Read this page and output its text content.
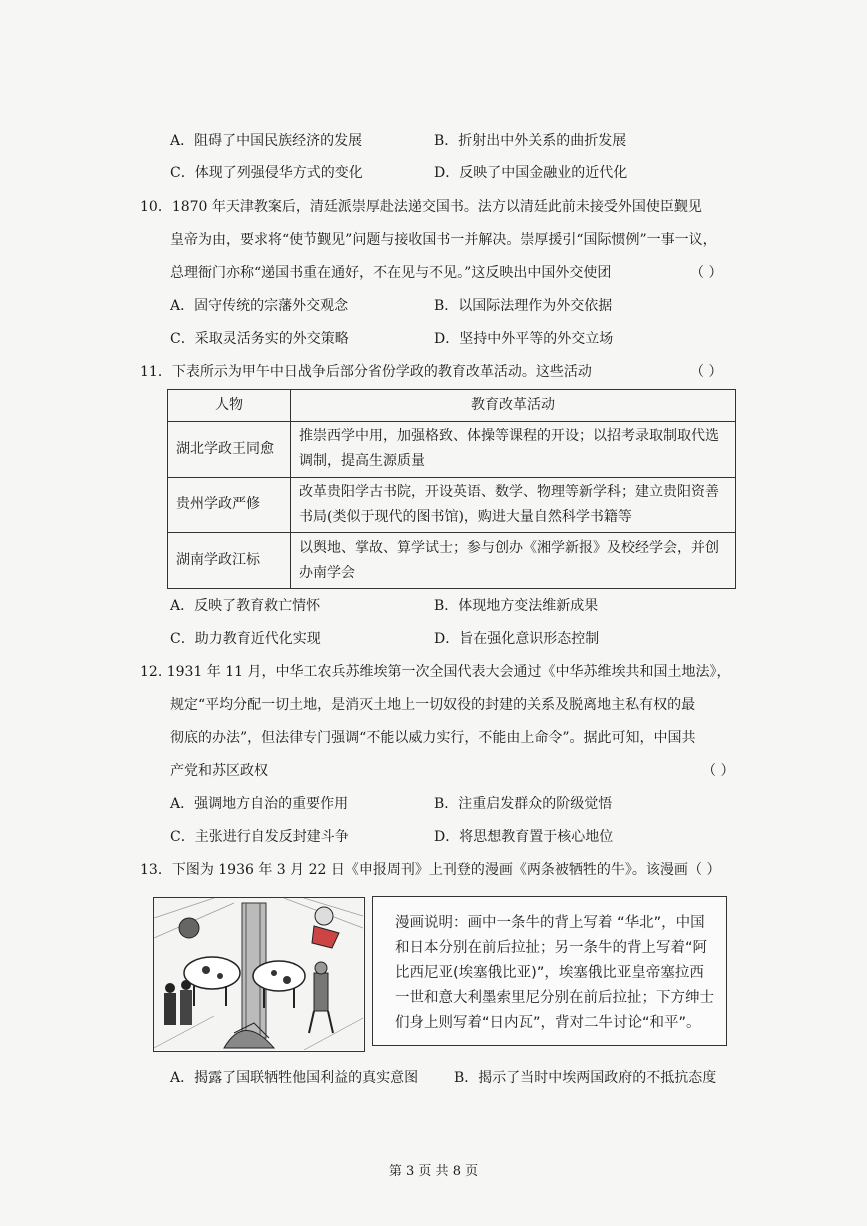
A．阻碍了中国民族经济的发展	B．折射出中外关系的曲折发展
C．体现了列强侵华方式的变化	D．反映了中国金融业的近代化
10．1870 年天津教案后，清廷派崇厚赴法递交国书。法方以清廷此前未接受外国使臣觐见
皇帝为由，要求将“使节觐见”问题与接收国书一并解决。崇厚援引“国际惯例”一事一议，
总理衙门亦称“递国书重在通好，不在见与不见。”这反映出中国外交使团	（ ）
A．固守传统的宗藩外交观念	B．以国际法理作为外交依据
C．采取灵活务实的外交策略	D．坚持中外平等的外交立场
11．下表所示为甲午中日战争后部分省份学政的教育改革活动。这些活动	（ ）
人物	教育改革活动
湖北学政王同愈	推崇西学中用，加强格致、体操等课程的开设；以招考录取制取代选调制，提高生源质量
贵州学政严修	改革贵阳学古书院，开设英语、数学、物理等新学科；建立贵阳资善书局(类似于现代的图书馆)，购进大量自然科学书籍等
湖南学政江标	以舆地、掌故、算学试士；参与创办《湘学新报》及校经学会，并创办南学会
A．反映了教育救亡情怀	B．体现地方变法维新成果
C．助力教育近代化实现	D．旨在强化意识形态控制
12. 1931 年 11 月，中华工农兵苏维埃第一次全国代表大会通过《中华苏维埃共和国土地法》，
规定“平均分配一切土地，是消灭土地上一切奴役的封建的关系及脱离地主私有权的最
彻底的办法”，但法律专门强调“不能以威力实行，不能由上命令”。据此可知，中国共
产党和苏区政权	（ ）
A．强调地方自治的重要作用	B．注重启发群众的阶级觉悟
C．主张进行自发反封建斗争	D．将思想教育置于核心地位
13．下图为 1936 年 3 月 22 日《申报周刊》上刊登的漫画《两条被牺牲的牛》。该漫画 （ ）

漫画说明：画中一条牛的背上写着 “华北”，中国和日本分别在前后拉扯；另一条牛的背上写着“阿比西尼亚(埃塞俄比亚)”，埃塞俄比亚皇帝塞拉西一世和意大利墨索里尼分别在前后拉扯；下方绅士们身上则写着“日内瓦”，背对二牛讨论“和平”。

A．揭露了国联牺牲他国利益的真实意图	B．揭示了当时中埃两国政府的不抵抗态度
第 3 页 共 8 页
